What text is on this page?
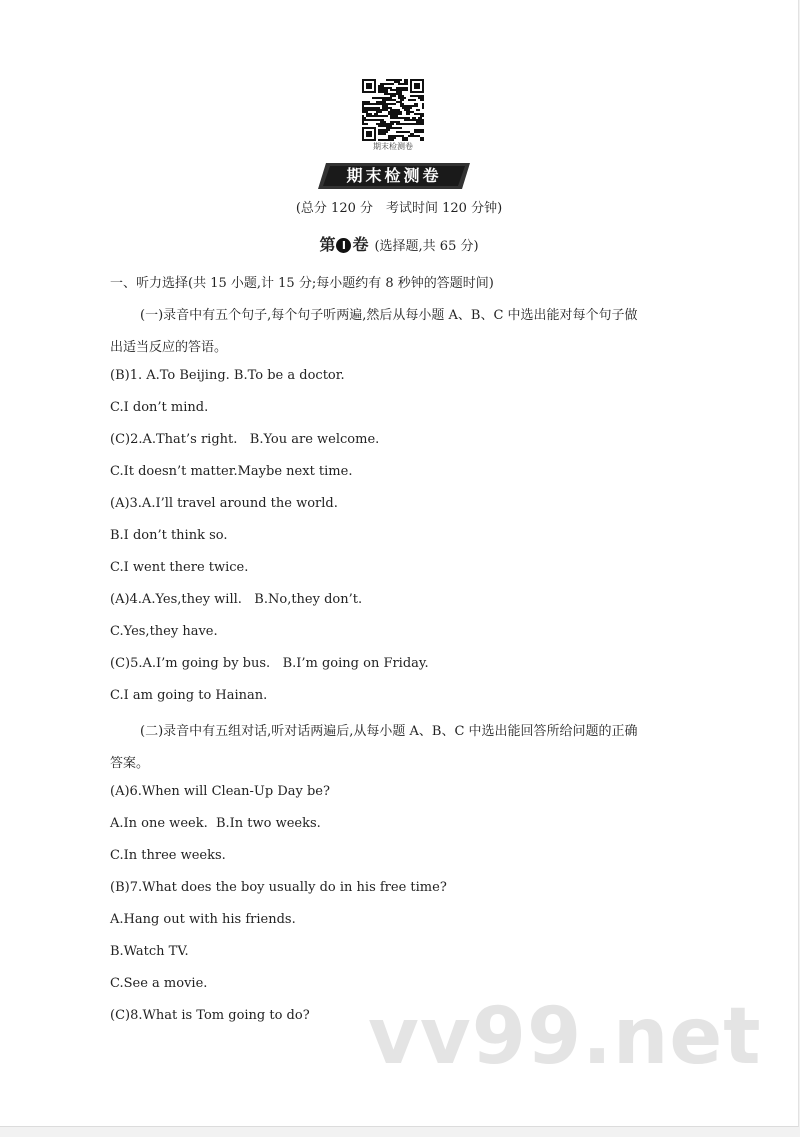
期末检测卷
期末检测卷
(总分 120 分　考试时间 120 分钟)
第 Ⅰ 卷 (选择题,共 65 分)
一、听力选择(共 15 小题,计 15 分;每小题约有 8 秒钟的答题时间)
(一)录音中有五个句子,每个句子听两遍,然后从每小题 A、B、C 中选出能对每个句子做
出适当反应的答语。
(B)1. A.To Beijing. B.To be a doctor.
C.I don’t mind.
(C)2.A.That’s right.   B.You are welcome.
C.It doesn’t matter.Maybe next time.
(A)3.A.I’ll travel around the world.
B.I don’t think so.
C.I went there twice.
(A)4.A.Yes,they will.   B.No,they don’t.
C.Yes,they have.
(C)5.A.I’m going by bus.   B.I’m going on Friday.
C.I am going to Hainan.
(二)录音中有五组对话,听对话两遍后,从每小题 A、B、C 中选出能回答所给问题的正确
答案。
(A)6.When will Clean-Up Day be?
A.In one week.  B.In two weeks.
C.In three weeks.
(B)7.What does the boy usually do in his free time?
A.Hang out with his friends.
B.Watch TV.
C.See a movie.
(C)8.What is Tom going to do? vv99.net
